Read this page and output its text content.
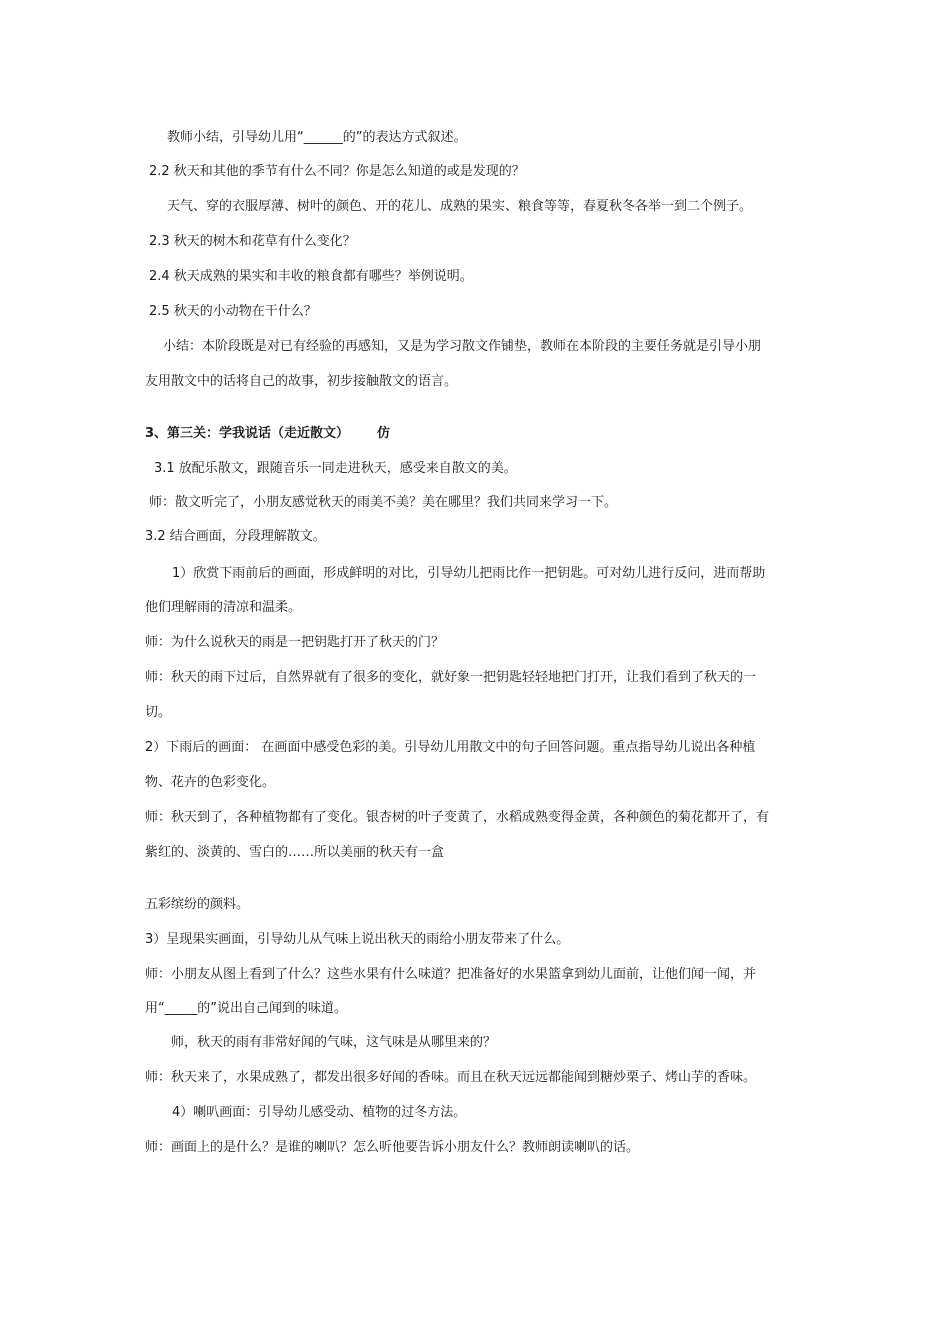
教师小结，引导幼儿用“______的”的表达方式叙述。
2.2 秋天和其他的季节有什么不同？你是怎么知道的或是发现的？
天气、穿的衣服厚薄、树叶的颜色、开的花儿、成熟的果实、粮食等等，春夏秋冬各举一到二个例子。
2.3 秋天的树木和花草有什么变化？
2.4 秋天成熟的果实和丰收的粮食都有哪些？举例说明。
2.5 秋天的小动物在干什么？
小结：本阶段既是对已有经验的再感知，又是为学习散文作铺垫，教师在本阶段的主要任务就是引导小朋
友用散文中的话将自己的故事，初步接触散文的语言。
3、第三关：学我说话（走近散文） 仿
3.1 放配乐散文，跟随音乐一同走进秋天，感受来自散文的美。
师：散文听完了，小朋友感觉秋天的雨美不美？美在哪里？我们共同来学习一下。
3.2 结合画面，分段理解散文。
1）欣赏下雨前后的画面，形成鲜明的对比，引导幼儿把雨比作一把钥匙。可对幼儿进行反问，进而帮助
他们理解雨的清凉和温柔。
师：为什么说秋天的雨是一把钥匙打开了秋天的门？
师：秋天的雨下过后，自然界就有了很多的变化，就好象一把钥匙轻轻地把门打开，让我们看到了秋天的一
切。
2）下雨后的画面： 在画面中感受色彩的美。引导幼儿用散文中的句子回答问题。重点指导幼儿说出各种植
物、花卉的色彩变化。
师：秋天到了，各种植物都有了变化。银杏树的叶子变黄了，水稻成熟变得金黄，各种颜色的菊花都开了，有
紫红的、淡黄的、雪白的……所以美丽的秋天有一盒
五彩缤纷的颜料。
3）呈现果实画面，引导幼儿从气味上说出秋天的雨给小朋友带来了什么。
师：小朋友从图上看到了什么？这些水果有什么味道？把准备好的水果篮拿到幼儿面前，让他们闻一闻，并
用“_____的”说出自己闻到的味道。
师，秋天的雨有非常好闻的气味，这气味是从哪里来的？
师：秋天来了，水果成熟了，都发出很多好闻的香味。而且在秋天远远都能闻到糖炒栗子、烤山芋的香味。
4）喇叭画面：引导幼儿感受动、植物的过冬方法。
师：画面上的是什么？是谁的喇叭？怎么听他要告诉小朋友什么？教师朗读喇叭的话。
